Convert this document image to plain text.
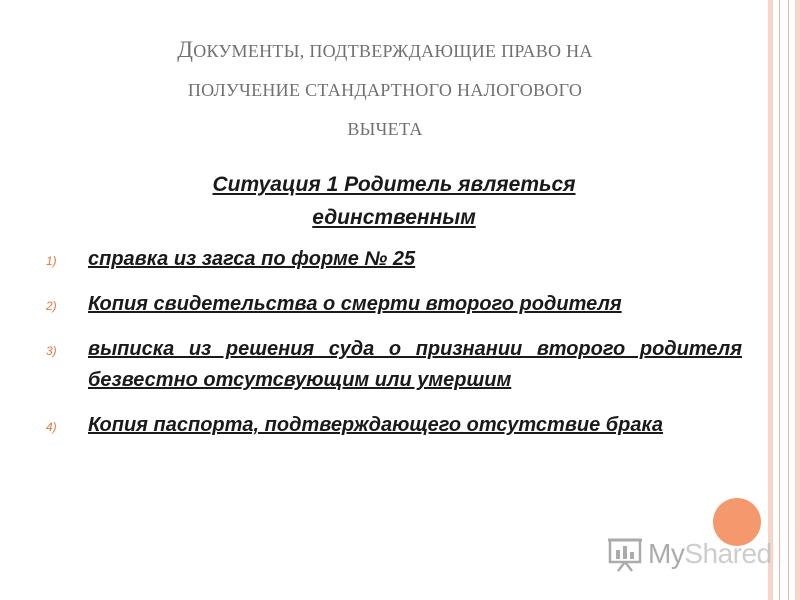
ДОКУМЕНТЫ, ПОДТВЕРЖДАЮЩИЕ ПРАВО НА
ПОЛУЧЕНИЕ СТАНДАРТНОГО НАЛОГОВОГО
ВЫЧЕТА
Ситуация 1 Родитель являеться единственным
1) справка из загса по форме № 25
2) Копия свидетельства о смерти второго родителя
3) выписка из решения суда о признании второго родителя безвестно отсутсвующим или умершим
4) Копия паспорта, подтверждающего отсутствие брака
MyShared
